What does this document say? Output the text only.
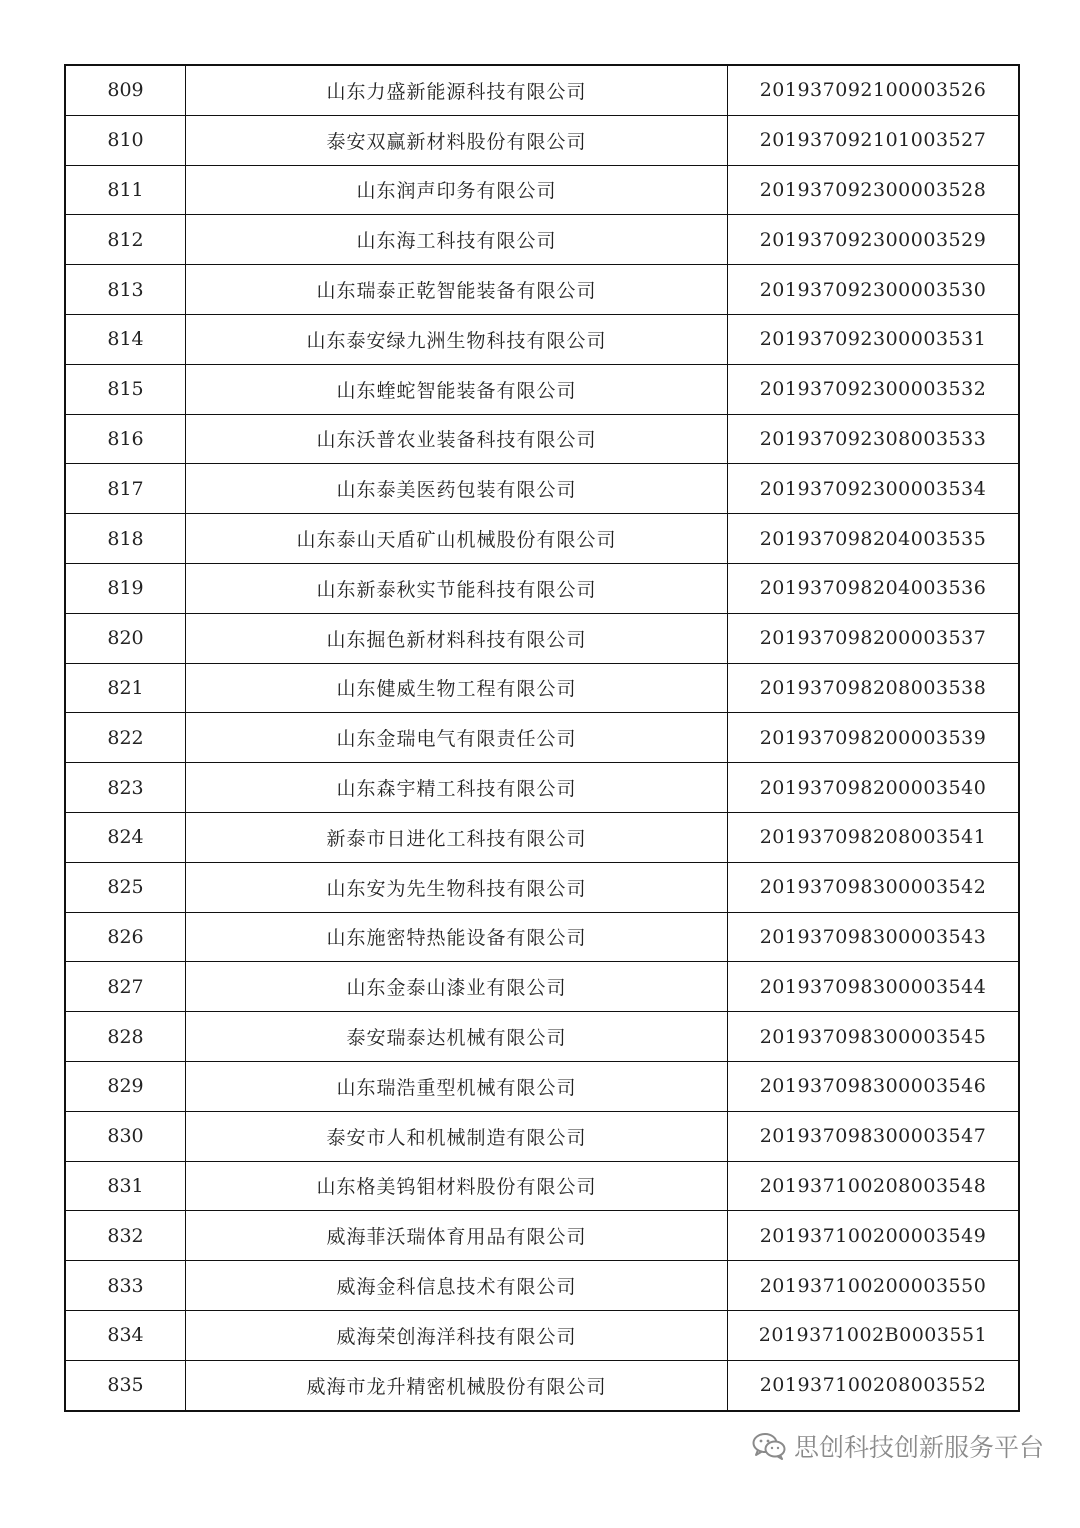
809	山东力盛新能源科技有限公司	201937092100003526
810	泰安双赢新材料股份有限公司	201937092101003527
811	山东润声印务有限公司	201937092300003528
812	山东海工科技有限公司	201937092300003529
813	山东瑞泰正乾智能装备有限公司	201937092300003530
814	山东泰安绿九洲生物科技有限公司	201937092300003531
815	山东蝰蛇智能装备有限公司	201937092300003532
816	山东沃普农业装备科技有限公司	201937092308003533
817	山东泰美医药包装有限公司	201937092300003534
818	山东泰山天盾矿山机械股份有限公司	201937098204003535
819	山东新泰秋实节能科技有限公司	201937098204003536
820	山东掘色新材料科技有限公司	201937098200003537
821	山东健威生物工程有限公司	201937098208003538
822	山东金瑞电气有限责任公司	201937098200003539
823	山东森宇精工科技有限公司	201937098200003540
824	新泰市日进化工科技有限公司	201937098208003541
825	山东安为先生物科技有限公司	201937098300003542
826	山东施密特热能设备有限公司	201937098300003543
827	山东金泰山漆业有限公司	201937098300003544
828	泰安瑞泰达机械有限公司	201937098300003545
829	山东瑞浩重型机械有限公司	201937098300003546
830	泰安市人和机械制造有限公司	201937098300003547
831	山东格美钨钼材料股份有限公司	201937100208003548
832	威海菲沃瑞体育用品有限公司	201937100200003549
833	威海金科信息技术有限公司	201937100200003550
834	威海荣创海洋科技有限公司	2019371002B0003551
835	威海市龙升精密机械股份有限公司	201937100208003552
思创科技创新服务平台
